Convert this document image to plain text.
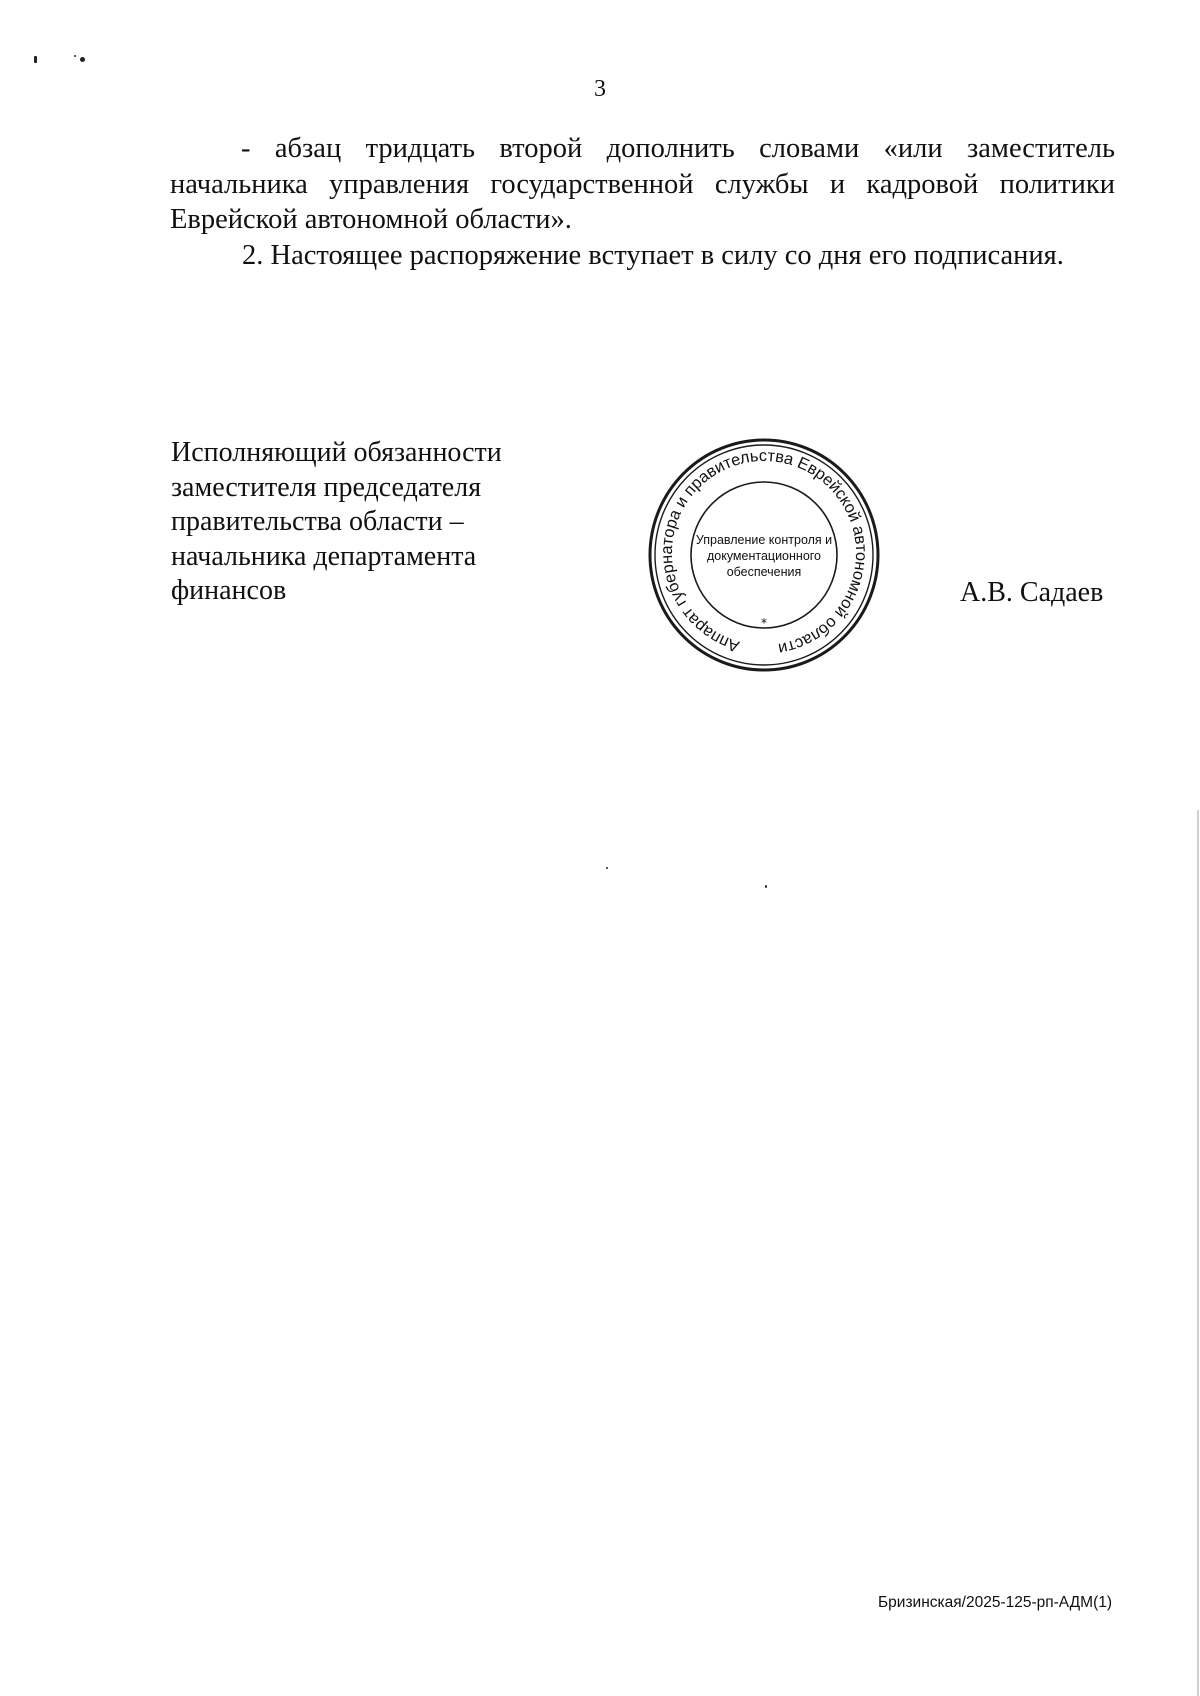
3

- абзац тридцать второй дополнить словами «или заместитель начальника управления государственной службы и кадровой политики Еврейской автономной области».

2. Настоящее распоряжение вступает в силу со дня его подписания.

Исполняющий обязанности
заместителя председателя
правительства области –
начальника департамента
финансов
Аппарат губернатора и правительства Еврейской автономной области
*
Управление контроля и
документационного
обеспечения
А.В. Садаев
Бризинская/2025-125-рп-АДМ(1)
